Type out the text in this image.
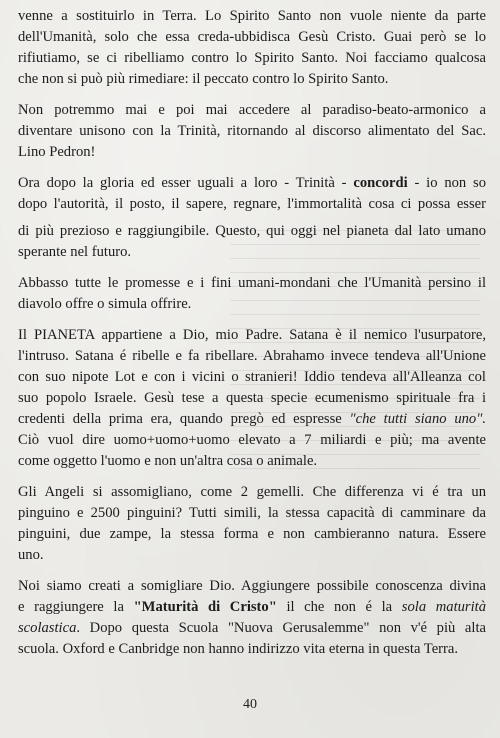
venne a sostituirlo in Terra. Lo Spirito Santo non vuole niente da parte
dell'Umanità, solo che essa creda-ubbidisca Gesù Cristo. Guai però se lo
rifiutiamo, se ci ribelliamo contro lo Spirito Santo. Noi facciamo qualcosa
che non si può più rimediare: il peccato contro lo Spirito Santo.

Non potremmo mai e poi mai accedere al paradiso-beato-armonico a
diventare unisono con la Trinità, ritornando al discorso alimentato del Sac.
Lino Pedron!

Ora dopo la gloria ed esser uguali a loro - Trinità - concordi - io non so
dopo l'autorità, il posto, il sapere, regnare, l'immortalità cosa ci possa esser
di più prezioso e raggiungibile. Questo, qui oggi nel pianeta dal lato umano
sperante nel futuro.

Abbasso tutte le promesse e i fini umani-mondani che l'Umanità persino il
diavolo offre o simula offrire.

Il PIANETA appartiene a Dio, mio Padre. Satana è il nemico l'usurpatore,
l'intruso. Satana é ribelle e fa ribellare. Abrahamo invece tendeva all'Unione
con suo nipote Lot e con i vicini o stranieri! Iddio tendeva all'Alleanza col
suo popolo Israele. Gesù tese a questa specie ecumenismo spirituale fra i
credenti della prima era, quando pregò ed espresse "che tutti siano uno".
Ciò vuol dire uomo+uomo+uomo elevato a 7 miliardi e più; ma avente
come oggetto l'uomo e non un'altra cosa o animale.

Gli Angeli si assomigliano, come 2 gemelli. Che differenza vi é tra un
pinguino e 2500 pinguini? Tutti simili, la stessa capacità di camminare da
pinguini, due zampe, la stessa forma e non cambieranno natura. Essere
uno.

Noi siamo creati a somigliare Dio. Aggiungere possibile conoscenza divina
e raggiungere la "Maturità di Cristo" il che non é la sola maturità
scolastica. Dopo questa Scuola "Nuova Gerusalemme" non v'é più alta
scuola. Oxford e Canbridge non hanno indirizzo vita eterna in questa Terra.

40
